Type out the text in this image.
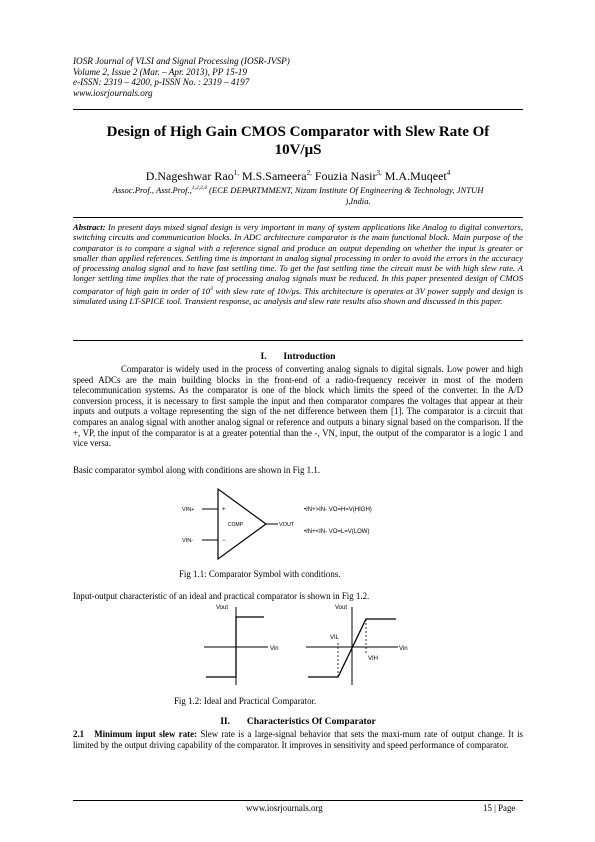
IOSR Journal of VLSI and Signal Processing (IOSR-JVSP)
Volume 2, Issue 2 (Mar. – Apr. 2013), PP 15-19
e-ISSN: 2319 – 4200, p-ISSN No. : 2319 – 4197
www.iosrjournals.org
Design of High Gain CMOS Comparator with Slew Rate Of
10V/μS
D.Nageshwar Rao$^{1,}$ M.S.Sameera$^{2,}$ Fouzia Nasir$^{3,}$ M.A.Muqeet$^4$
Assoc.Prof., Asst.Prof.,$^{1,2,3,4}$ (ECE DEPARTMMENT, Nizam Institute Of Engineering & Technology, JNTUH
),India.
Abstract: In present days mixed signal design is very important in many of system applications like Analog to digital convertors, switching circuits and communication blocks. In ADC architecture comparator is the main functional block. Main purpose of the comparator is to compare a signal with a reference signal and produce an output depending on whether the input is greater or smaller than applied references. Settling time is important in analog signal processing in order to avoid the errors in the accuracy of processing analog signal and to have fast settling time. To get the fast settling time the circuit must be with high slew rate. A longer settling time implies that the rate of processing analog signals must be reduced. In this paper presented design of CMOS comparator of high gain in order of $10^3$ with slew rate of 10v/μs. This architecture is operates at 3V power supply and design is simulated using LT-SPICE tool. Transient response, ac analysis and slew rate results also shown and discussed in this paper.
I. Introduction

Comparator is widely used in the process of converting analog signals to digital signals. Low power and high speed ADCs are the main building blocks in the front-end of a radio-frequency receiver in most of the modern telecommunication systems. As the comparator is one of the block which limits the speed of the converter. In the A/D conversion process, it is necessary to first sample the input and then comparator compares the voltages that appear at their inputs and outputs a voltage representing the sign of the net difference between them [1]. The comparator is a circuit that compares an analog signal with another analog signal or reference and outputs a binary signal based on the comparison. If the +, VP, the input of the comparator is at a greater potential than the -, VN, input, the output of the comparator is a logic 1 and vice versa.

Basic comparator symbol along with conditions are shown in Fig 1.1.

VIN+
VIN-
+
−
COMP	VOUT
•IN+>IN- VO=H=V(HIGH)
•IN+<IN- VO=L=V(LOW)
Fig 1.1: Comparator Symbol with conditions.

Input-output characteristic of an ideal and practical comparator is shown in Fig 1.2.

Vout
Vin
Vout
VIL
VIH
Vin
Fig 1.2: Ideal and Practical Comparator.
II. Characteristics Of Comparator

2.1 Minimum input slew rate: Slew rate is a large-signal behavior that sets the maxi-mum rate of output change. It is limited by the output driving capability of the comparator. It improves in sensitivity and speed performance of comparator.

www.iosrjournals.org	15 | Page
